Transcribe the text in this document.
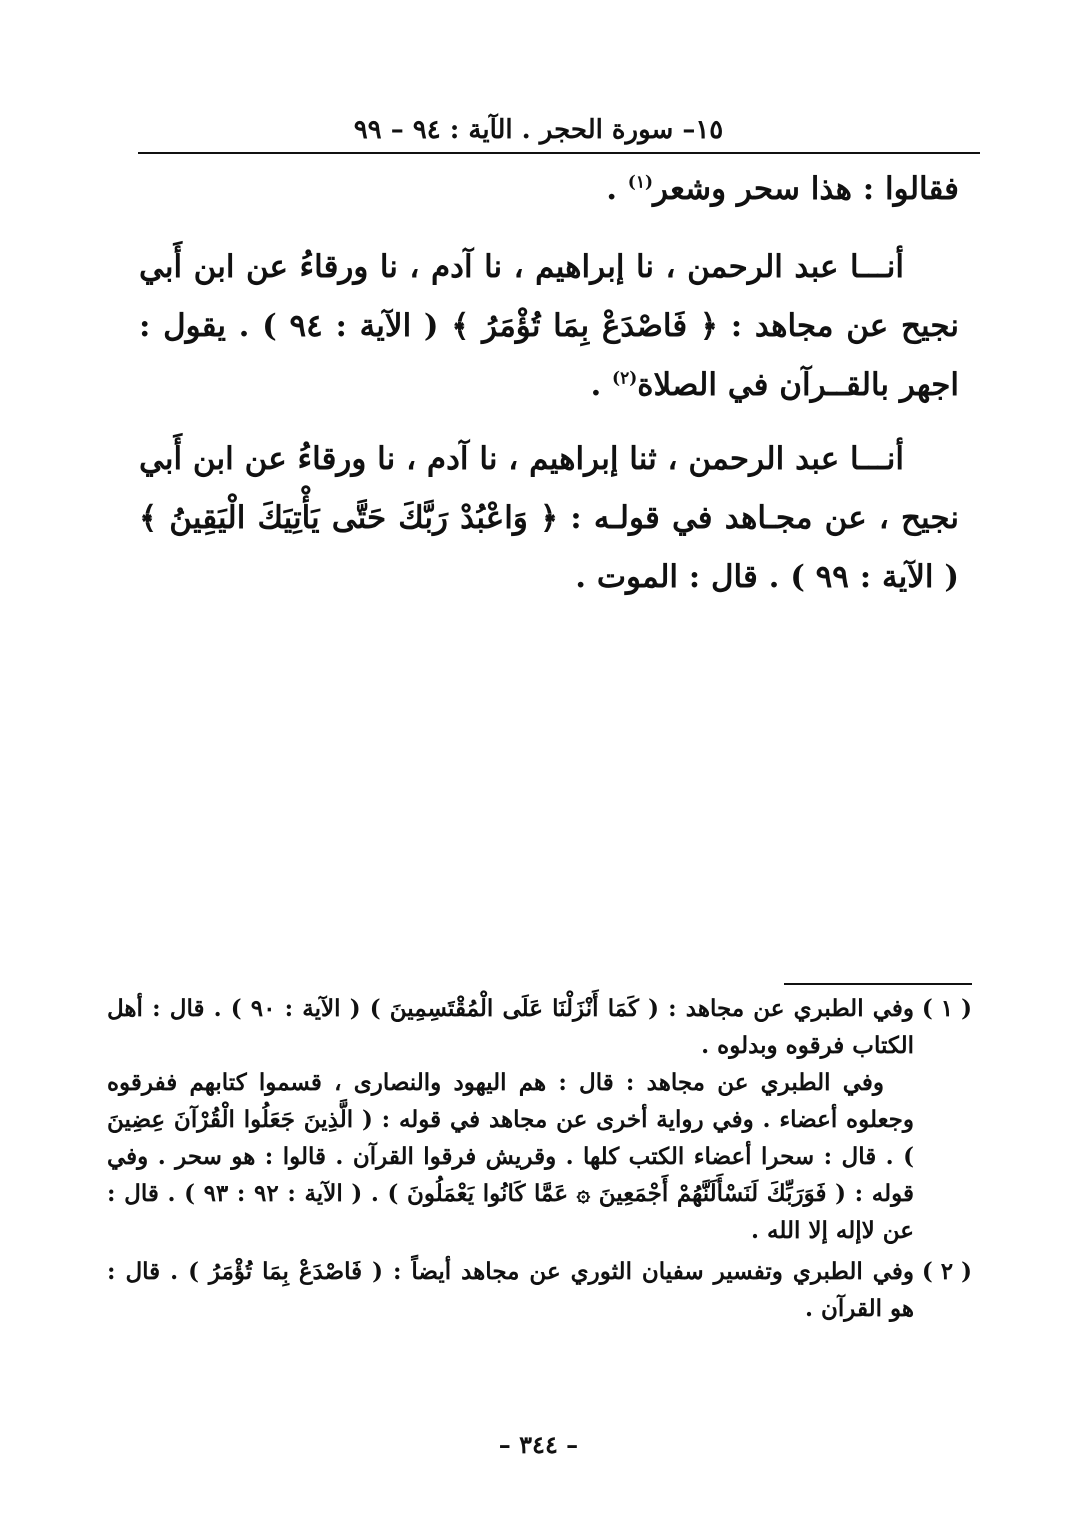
١٥– سورة الحجر . الآية : ٩٤ – ٩٩

فقالوا : هذا سحر وشعر$^{(١)}$ .

أنـــا عبد الرحمن ، نا إبراهيم ، نا آدم ، نا ورقاءُ عن ابن أَبي نجيح عن مجاهد : ﴿ فَاصْدَعْ بِمَا تُؤْمَرُ ﴾ ( الآية : ٩٤ ) . يقول : اجهر بالقــرآن في الصلاة$^{(٢)}$ .

أنـــا عبد الرحمن ، ثنا إبراهيم ، نا آدم ، نا ورقاءُ عن ابن أَبي نجيح ، عن مجـاهد في قولـه : ﴿ وَاعْبُدْ رَبَّكَ حَتَّى يَأْتِيَكَ الْيَقِينُ ﴾ ( الآية : ٩٩ ) . قال : الموت .

( ١ )

وفي الطبري عن مجاهد : ( كَمَا أَنْزَلْنَا عَلَى الْمُقْتَسِمِينَ ) ( الآية : ٩٠ ) . قال : أهل الكتاب فرقوه وبدلوه .

وفي الطبري عن مجاهد : قال : هم اليهود والنصارى ، قسموا كتابهم ففرقوه وجعلوه أعضاء . وفي رواية أخرى عن مجاهد في قوله : ( الَّذِينَ جَعَلُوا الْقُرْآنَ عِضِينَ ) . قال : سحرا أعضاء الكتب كلها . وقريش فرقوا القرآن . قالوا : هو سحر . وفي قوله : ( فَوَرَبِّكَ لَنَسْأَلَنَّهُمْ أَجْمَعِينَ ۞ عَمَّا كَانُوا يَعْمَلُونَ ) . ( الآية : ٩٢ : ٩٣ ) . قال : عن لاإله إلا الله .

( ٢ )

وفي الطبري وتفسير سفيان الثوري عن مجاهد أيضاً : ( فَاصْدَعْ بِمَا تُؤْمَرُ ) . قال : هو القرآن .

– ٣٤٤ –
